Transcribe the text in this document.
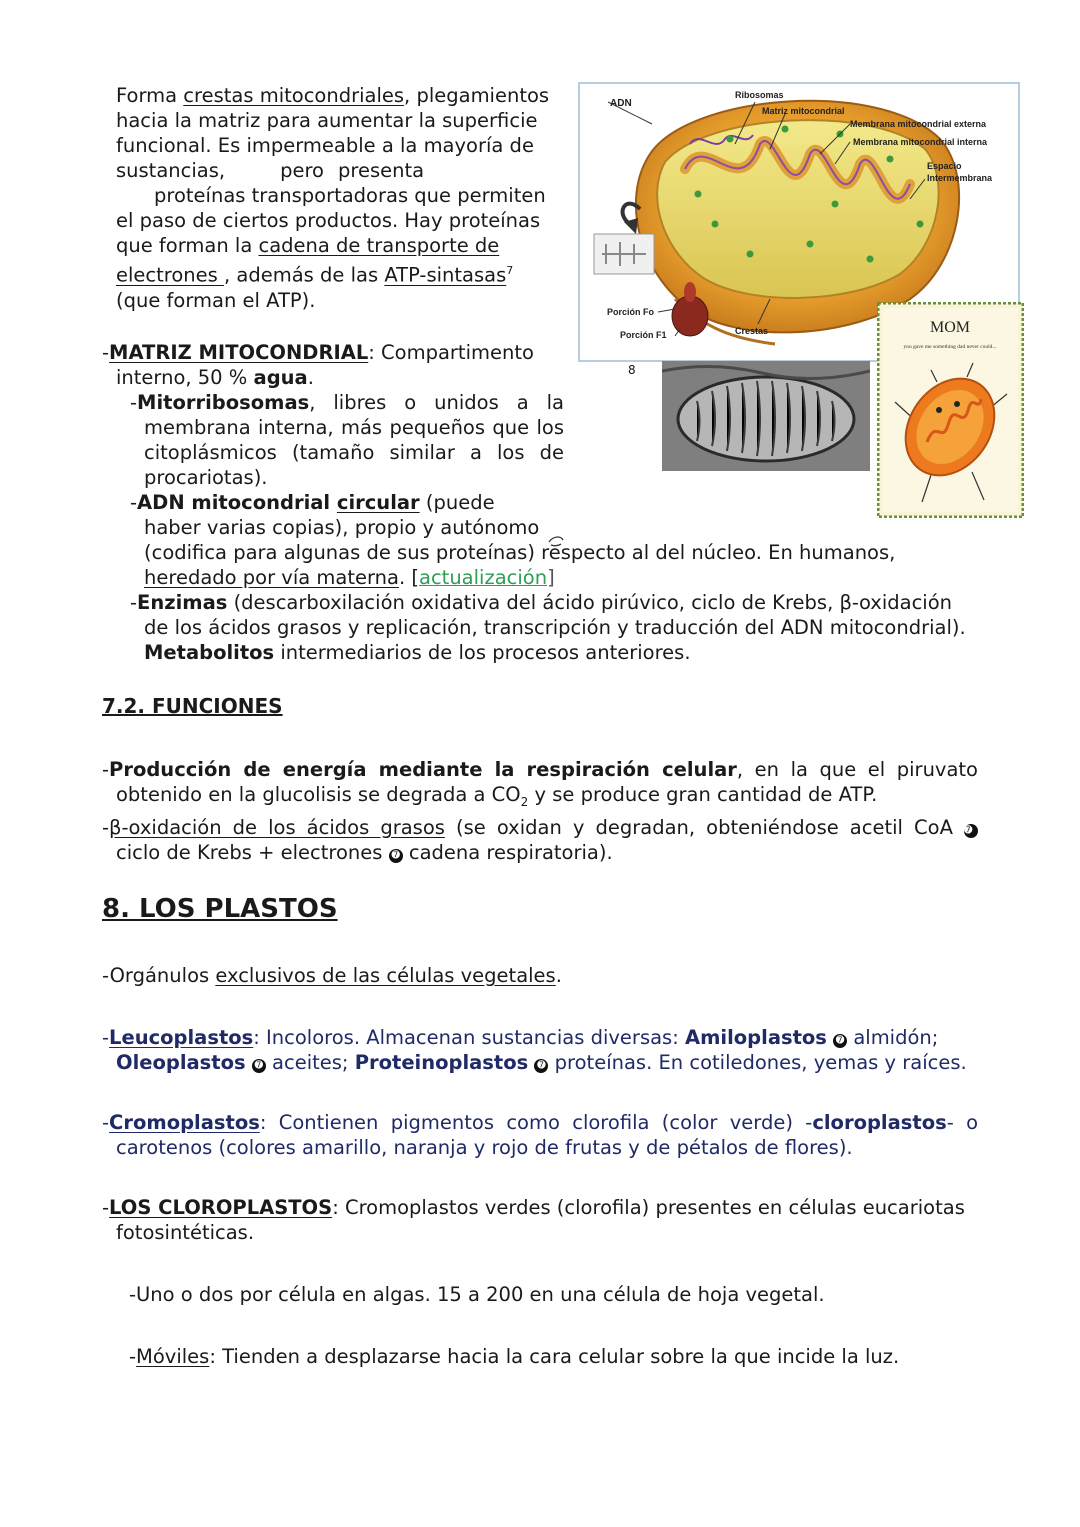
Forma crestas mitocondriales, plegamientos

hacia la matriz para aumentar la superficie

funcional. Es impermeable a la mayoría de

sustancias,	pero presenta

proteínas transportadoras que permiten

el paso de ciertos productos. Hay proteínas

que forman la cadena de transporte de

electrones , además de las ATP-sintasas$^7$

(que forman el ATP).

ADN
Ribosomas
Matriz mitocondrial
Membrana mitocondrial externa
Membrana mitocondrial interna
Espacio
Intermembrana
Porción Fo
Porción F1	Crestas
8
MOM
you gave me something dad never could...

-MATRIZ MITOCONDRIAL: Compartimento

interno, 50 % agua.

-Mitorribosomas, libres o unidos a la

membrana interna, más pequeños que los

citoplásmicos (tamaño similar a los de

procariotas).

-ADN mitocondrial circular (puede

haber varias copias), propio y autónomo

(codifica para algunas de sus proteínas) respecto al del núcleo. En humanos,

heredado por vía materna. [actualización]

-Enzimas (descarboxilación oxidativa del ácido pirúvico, ciclo de Krebs, β-oxidación

de los ácidos grasos y replicación, transcripción y traducción del ADN mitocondrial).

Metabolitos intermediarios de los procesos anteriores.

7.2. FUNCIONES

-Producción de energía mediante la respiración celular, en la que el piruvato

obtenido en la glucolisis se degrada a $CO_2$ y se produce gran cantidad de ATP.

-β-oxidación de los ácidos grasos (se oxidan y degradan, obteniéndose acetil CoA ➐

ciclo de Krebs + electrones ➐ cadena respiratoria).

8. LOS PLASTOS

-Orgánulos exclusivos de las células vegetales.

-Leucoplastos: Incoloros. Almacenan sustancias diversas: Amiloplastos ➐ almidón;

Oleoplastos ➐ aceites; Proteinoplastos ➐ proteínas. En cotiledones, yemas y raíces.

-Cromoplastos: Contienen pigmentos como clorofila (color verde) -cloroplastos- o

carotenos (colores amarillo, naranja y rojo de frutas y de pétalos de flores).

-LOS CLOROPLASTOS: Cromoplastos verdes (clorofila) presentes en células eucariotas

fotosintéticas.

-Uno o dos por célula en algas. 15 a 200 en una célula de hoja vegetal.

-Móviles: Tienden a desplazarse hacia la cara celular sobre la que incide la luz.
